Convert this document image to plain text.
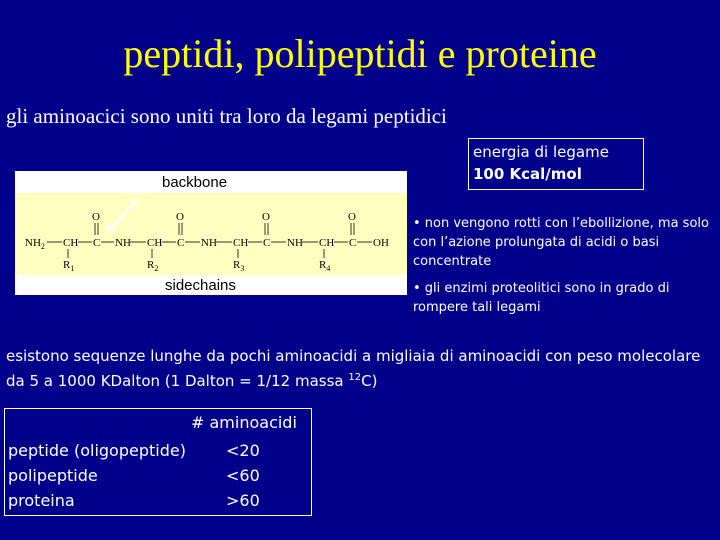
peptidi, polipeptidi e proteine
gli aminoacici sono uniti tra loro da legami peptidici
energia di legame
100 Kcal/mol
backbone
sidechains
$NH_2$ CH C NH CH C NH CH C NH CH C OH
$R_1$
O
$R_2$
O
$R_3$
O
$R_4$
O	• non vengono rotti con l’ebollizione, ma solo con l’azione prolungata di acidi o basi concentrate

• gli enzimi proteolitici sono in grado di rompere tali legami

esistono sequenze lunghe da pochi aminoacidi a migliaia di aminoacidi con peso molecolare da 5 a 1000 KDalton (1 Dalton = 1/12 massa $^{12}$C)
# aminoacidi
peptide (oligopeptide)	<20
polipeptide	<60
proteina	>60
